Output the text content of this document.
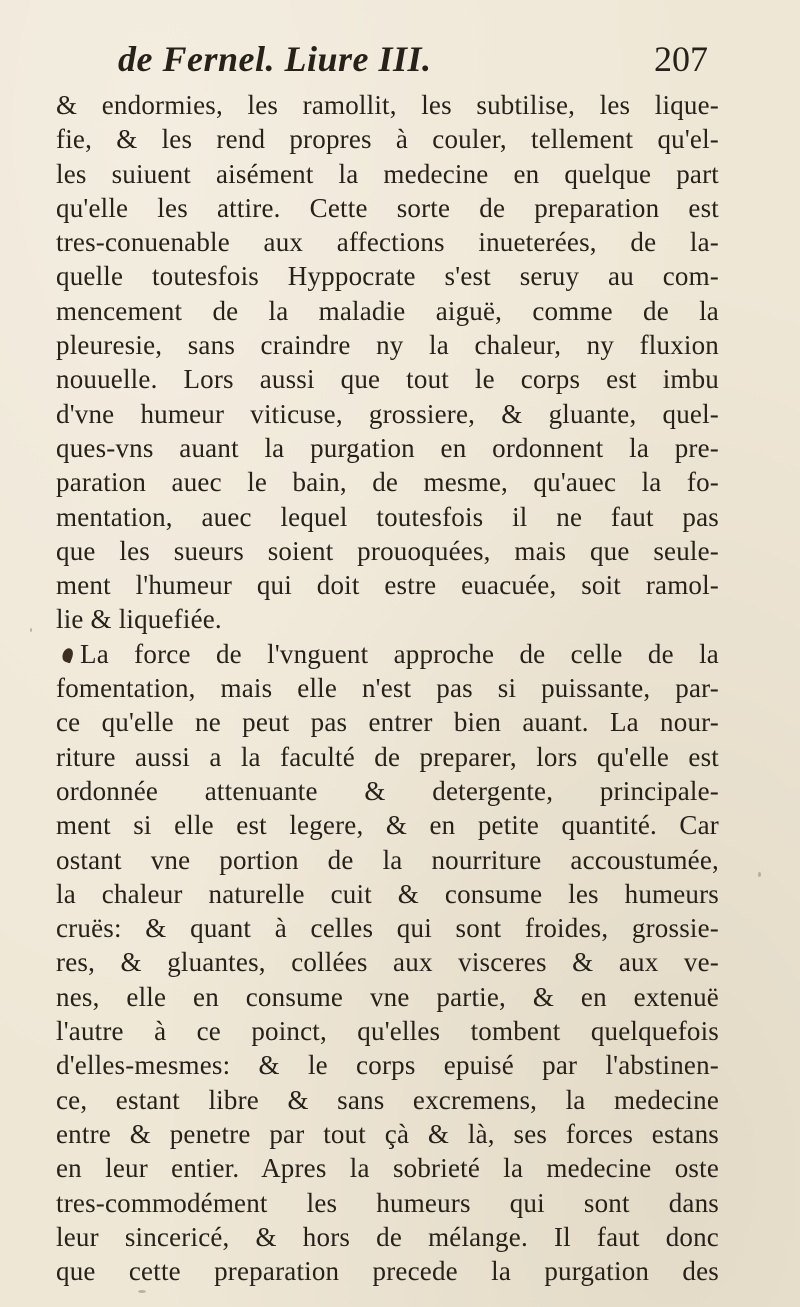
de Fernel. Liure III.	207
& endormies, les ramollit, les subtilise, les lique-
fie, & les rend propres à couler, tellement qu'el-
les suiuent aisément la medecine en quelque part
qu'elle les attire. Cette sorte de preparation est
tres-conuenable aux affections inueterées, de la-
quelle toutesfois Hyppocrate s'est seruy au com-
mencement de la maladie aiguë, comme de la
pleuresie, sans craindre ny la chaleur, ny fluxion
nouuelle. Lors aussi que tout le corps est imbu
d'vne humeur viticuse, grossiere, & gluante, quel-
ques-vns auant la purgation en ordonnent la pre-
paration auec le bain, de mesme, qu'auec la fo-
mentation, auec lequel toutesfois il ne faut pas
que les sueurs soient prouoquées, mais que seule-
ment l'humeur qui doit estre euacuée, soit ramol-
lie & liquefiée.
La force de l'vnguent approche de celle de la
fomentation, mais elle n'est pas si puissante, par-
ce qu'elle ne peut pas entrer bien auant. La nour-
riture aussi a la faculté de preparer, lors qu'elle est
ordonnée attenuante & detergente, principale-
ment si elle est legere, & en petite quantité. Car
ostant vne portion de la nourriture accoustumée,
la chaleur naturelle cuit & consume les humeurs
cruës: & quant à celles qui sont froides, grossie-
res, & gluantes, collées aux visceres & aux ve-
nes, elle en consume vne partie, & en extenuë
l'autre à ce poinct, qu'elles tombent quelquefois
d'elles-mesmes: & le corps epuisé par l'abstinen-
ce, estant libre & sans excremens, la medecine
entre & penetre par tout çà & là, ses forces estans
en leur entier. Apres la sobrieté la medecine oste
tres-commodément les humeurs qui sont dans
leur sincericé, & hors de mélange. Il faut donc
que cette preparation precede la purgation des
